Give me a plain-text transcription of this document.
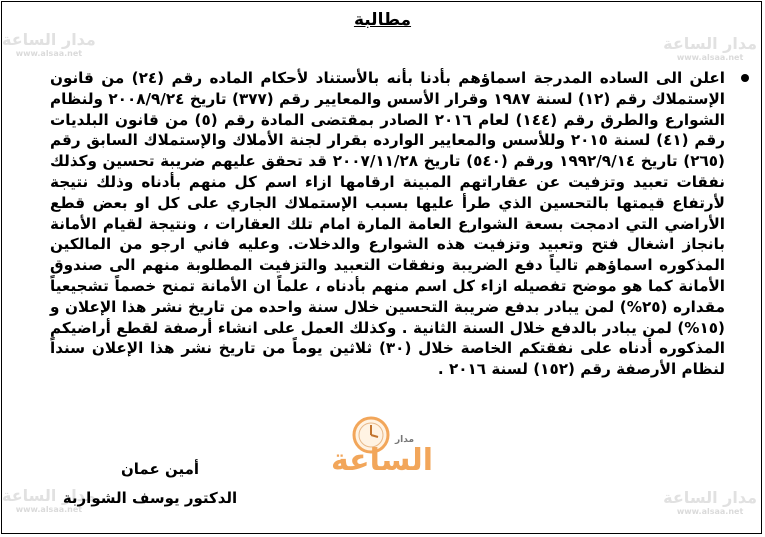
مدار الساعة
www.alsaa.net
مدار الساعة
www.alsaa.net
مدار الساعة
www.alsaa.net
مدار الساعة
www.alsaa.net
مطالبة
اعلن الى الساده المدرجة اسماؤهم بأدنا بأنه بالأستناد لأحكام الماده رقم (٢٤) من قانون الإستملاك رقم (١٢) لسنة ١٩٨٧ وقرار الأسس والمعايير رقم (٣٧٧) تاريخ ٢٠٠٨/٩/٢٤ ولنظام الشوارع والطرق رقم (١٤٤) لعام ٢٠١٦ الصادر بمقتضى المادة رقم (٥) من قانون البلديات رقم (٤١) لسنة ٢٠١٥ وللأسس والمعايير الوارده بقرار لجنة الأملاك والإستملاك السابق رقم (٢٦٥) تاريخ ١٩٩٢/٩/١٤ ورقم (٥٤٠) تاريخ ٢٠٠٧/١١/٢٨ قد تحقق عليهم ضريبة تحسين وكذلك نفقات تعبيد وتزفيت عن عقاراتهم المبينة ارقامها ازاء اسم كل منهم بأدناه وذلك نتيجة لأرتفاع قيمتها بالتحسين الذي طرأ عليها بسبب الإستملاك الجاري على كل او بعض قطع الأراضي التي ادمجت بسعة الشوارع العامة المارة امام تلك العقارات ، ونتيجة لقيام الأمانة بانجاز اشغال فتح وتعبيد وتزفيت هذه الشوارع والدخلات. وعليه فاني ارجو من المالكين المذكوره اسماؤهم تالياً دفع الضريبة ونفقات التعبيد والتزفيت المطلوبة منهم الى صندوق الأمانة كما هو موضح تفصيله ازاء كل اسم منهم بأدناه ، علماً ان الأمانة تمنح خصماً تشجيعياً مقداره (٢٥%) لمن يبادر بدفع ضريبة التحسين خلال سنة واحده من تاريخ نشر هذا الإعلان و (١٥%) لمن يبادر بالدفع خلال السنة الثانية . وكذلك العمل على انشاء أرصفة لقطع أراضيكم المذكوره أدناه على نفقتكم الخاصة خلال (٣٠) ثلاثين يوماً من تاريخ نشر هذا الإعلان سنداً لنظام الأرصفة رقم (١٥٢) لسنة ٢٠١٦ .
مدار
الساعة
أمين عمان
الدكتور يوسف الشواربة
